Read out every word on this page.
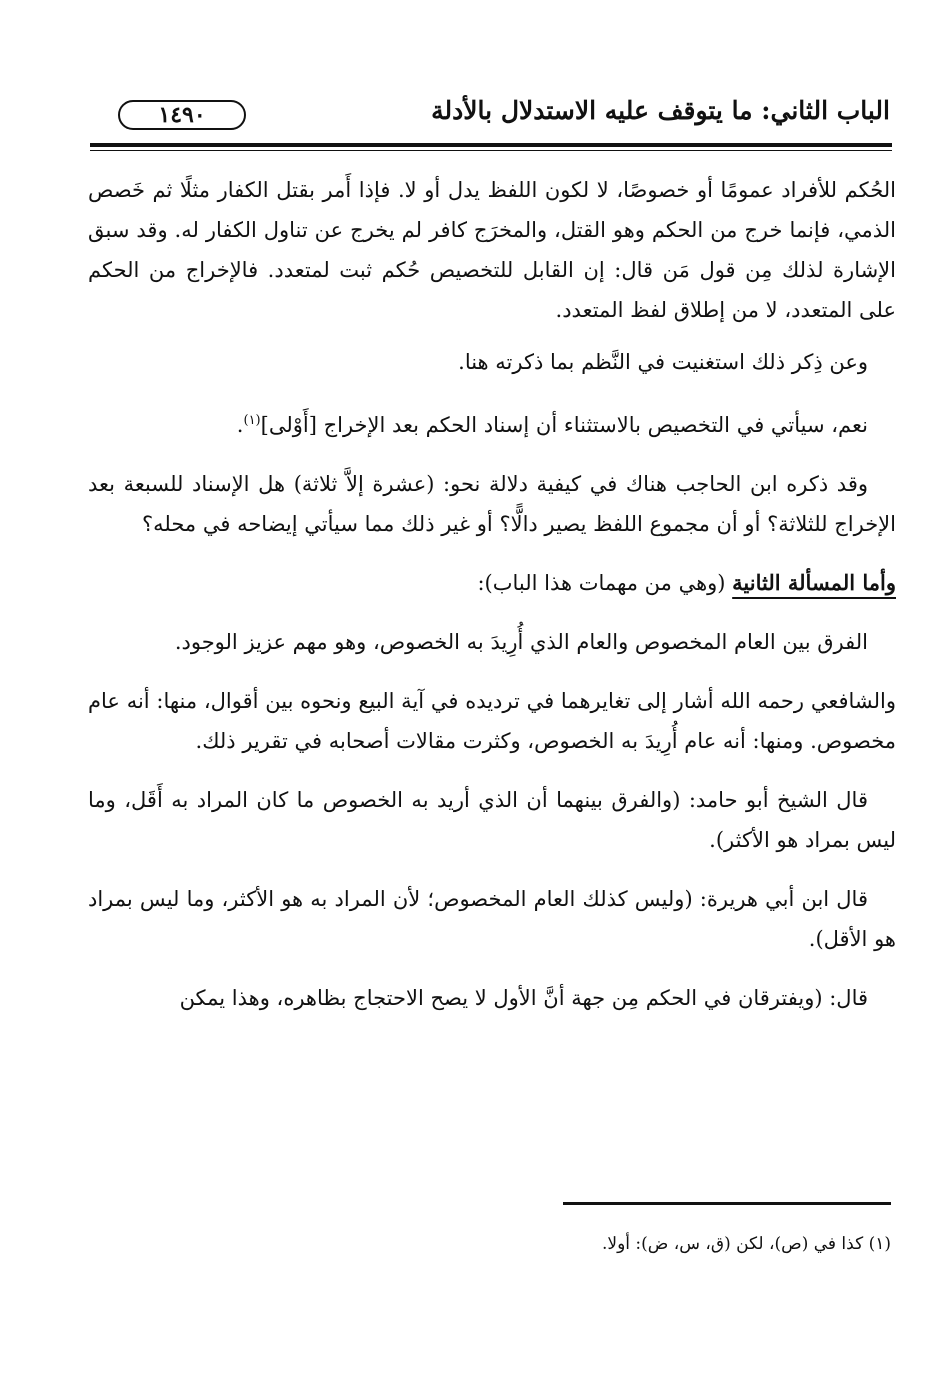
الباب الثاني: ما يتوقف عليه الاستدلال بالأدلة
١٤٩٠

الحُكم للأفراد عمومًا أو خصوصًا، لا لكون اللفظ يدل أو لا. فإذا أَمر بقتل الكفار مثلًا ثم خَصص الذمي، فإنما خرج من الحكم وهو القتل، والمخرَج كافر لم يخرج عن تناول الكفار له. وقد سبق الإشارة لذلك مِن قول مَن قال: إن القابل للتخصيص حُكم ثبت لمتعدد. فالإخراج من الحكم على المتعدد، لا من إطلاق لفظ المتعدد.

وعن ذِكر ذلك استغنيت في النَّظم بما ذكرته هنا.

نعم، سيأتي في التخصيص بالاستثناء أن إسناد الحكم بعد الإخراج [أَوْلى]$^{(١)}$.

وقد ذكره ابن الحاجب هناك في كيفية دلالة نحو: (عشرة إلاَّ ثلاثة) هل الإسناد للسبعة بعد الإخراج للثلاثة؟ أو أن مجموع اللفظ يصير دالًّا؟ أو غير ذلك مما سيأتي إيضاحه في محله؟

وأما المسألة الثانية (وهي من مهمات هذا الباب):

الفرق بين العام المخصوص والعام الذي أُرِيدَ به الخصوص، وهو مهم عزيز الوجود.

والشافعي رحمه الله أشار إلى تغايرهما في ترديده في آية البيع ونحوه بين أقوال، منها: أنه عام مخصوص. ومنها: أنه عام أُرِيدَ به الخصوص، وكثرت مقالات أصحابه في تقرير ذلك.

قال الشيخ أبو حامد: (والفرق بينهما أن الذي أريد به الخصوص ما كان المراد به أَقَل، وما ليس بمراد هو الأكثر).

قال ابن أبي هريرة: (وليس كذلك العام المخصوص؛ لأن المراد به هو الأكثر، وما ليس بمراد هو الأقل).

قال: (ويفترقان في الحكم مِن جهة أنَّ الأول لا يصح الاحتجاج بظاهره، وهذا يمكن

(١) كذا في (ص)، لكن (ق، س، ض): أولا.
